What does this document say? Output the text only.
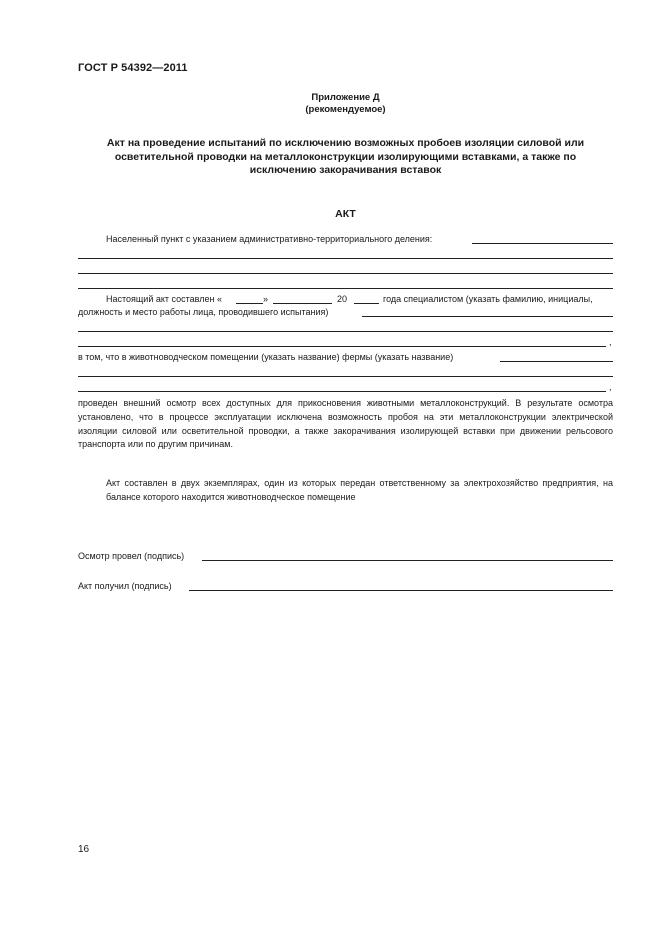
ГОСТ Р 54392—2011
Приложение Д
(рекомендуемое)
Акт на проведение испытаний по исключению возможных пробоев изоляции силовой или
осветительной проводки на металлоконструкции изолирующими вставками, а также по
исключению закорачивания вставок
АКТ
Населенный пункт с указанием административно-территориального деления:
Настоящий акт составлен «	»	20	года специалистом (указать фамилию, инициалы,
должность и место работы лица, проводившего испытания)
,
в том, что в животноводческом помещении (указать название) фермы (указать название)
,
проведен внешний осмотр всех доступных для прикосновения животными металлоконструкций. В результате осмотра установлено, что в процессе эксплуатации исключена возможность пробоя на эти металлоконструкции электрической изоляции силовой или осветительной проводки, а также закорачивания изолирующей вставки при движении рельсового транспорта или по другим причинам.
Акт составлен в двух экземплярах, один из которых передан ответственному за электрохозяйство предприятия, на балансе которого находится животноводческое помещение
Осмотр провел (подпись)
Акт получил (подпись)
16
